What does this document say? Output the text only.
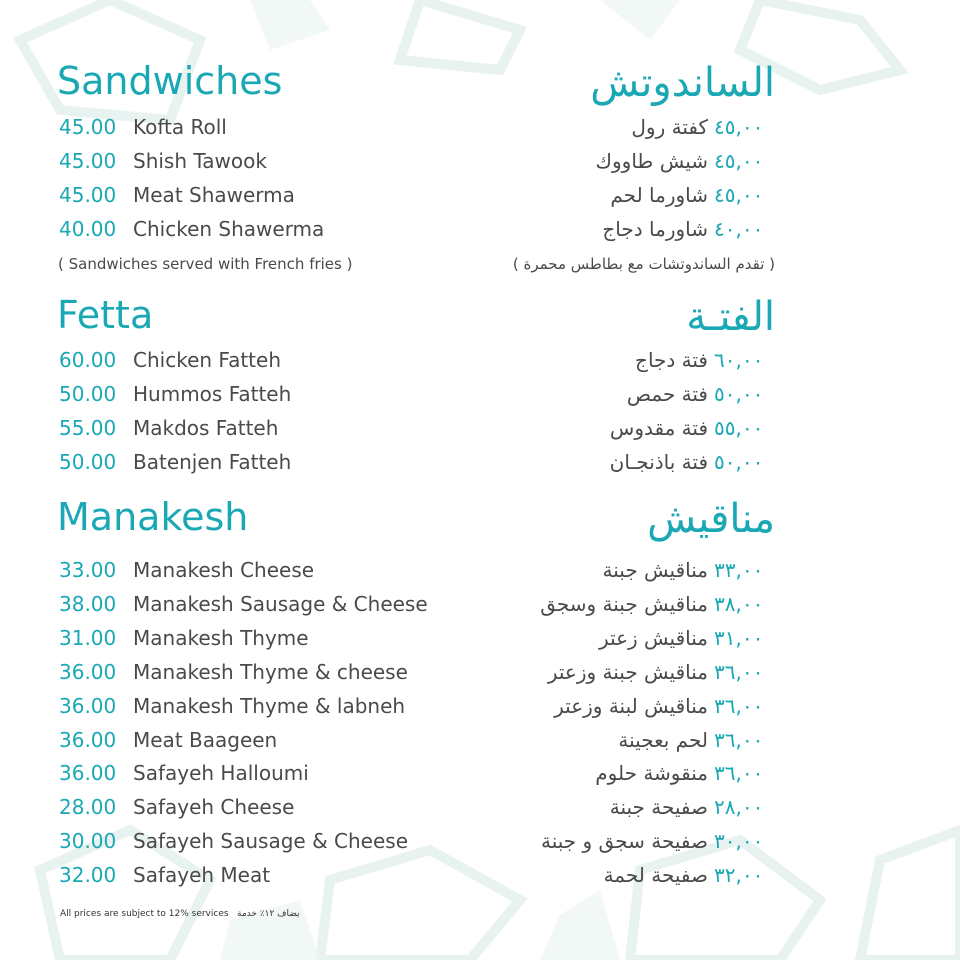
Sandwiches	الساندوتش
45.00 Kofta Roll	كفتة رول ٤٥,٠٠
45.00 Shish Tawook	شيش طاووك ٤٥,٠٠
45.00 Meat Shawerma	شاورما لحم ٤٥,٠٠
40.00 Chicken Shawerma	شاورما دجاج ٤٠,٠٠
( Sandwiches served with French fries )	( تقدم الساندوتشات مع بطاطس محمرة )
Fetta	الفتـة
60.00 Chicken Fatteh	فتة دجاج ٦٠,٠٠
50.00 Hummos Fatteh	فتة حمص ٥٠,٠٠
55.00 Makdos Fatteh	فتة مقدوس ٥٥,٠٠
50.00 Batenjen Fatteh	فتة باذنجـان ٥٠,٠٠
Manakesh	مناقيش
33.00 Manakesh Cheese	مناقيش جبنة ٣٣,٠٠
38.00 Manakesh Sausage & Cheese	مناقيش جبنة وسجق ٣٨,٠٠
31.00 Manakesh Thyme	مناقيش زعتر ٣١,٠٠
36.00 Manakesh Thyme & cheese	مناقيش جبنة وزعتر ٣٦,٠٠
36.00 Manakesh Thyme & labneh	مناقيش لبنة وزعتر ٣٦,٠٠
36.00 Meat Baageen	لحم بعجينة ٣٦,٠٠
36.00 Safayeh Halloumi	منقوشة حلوم ٣٦,٠٠
28.00 Safayeh Cheese	صفيحة جبنة ٢٨,٠٠
30.00 Safayeh Sausage & Cheese	صفيحة سجق و جبنة ٣٠,٠٠
32.00 Safayeh Meat	صفيحة لحمة ٣٢,٠٠
All prices are subject to 12% services يضاف ١٢٪ خدمة
